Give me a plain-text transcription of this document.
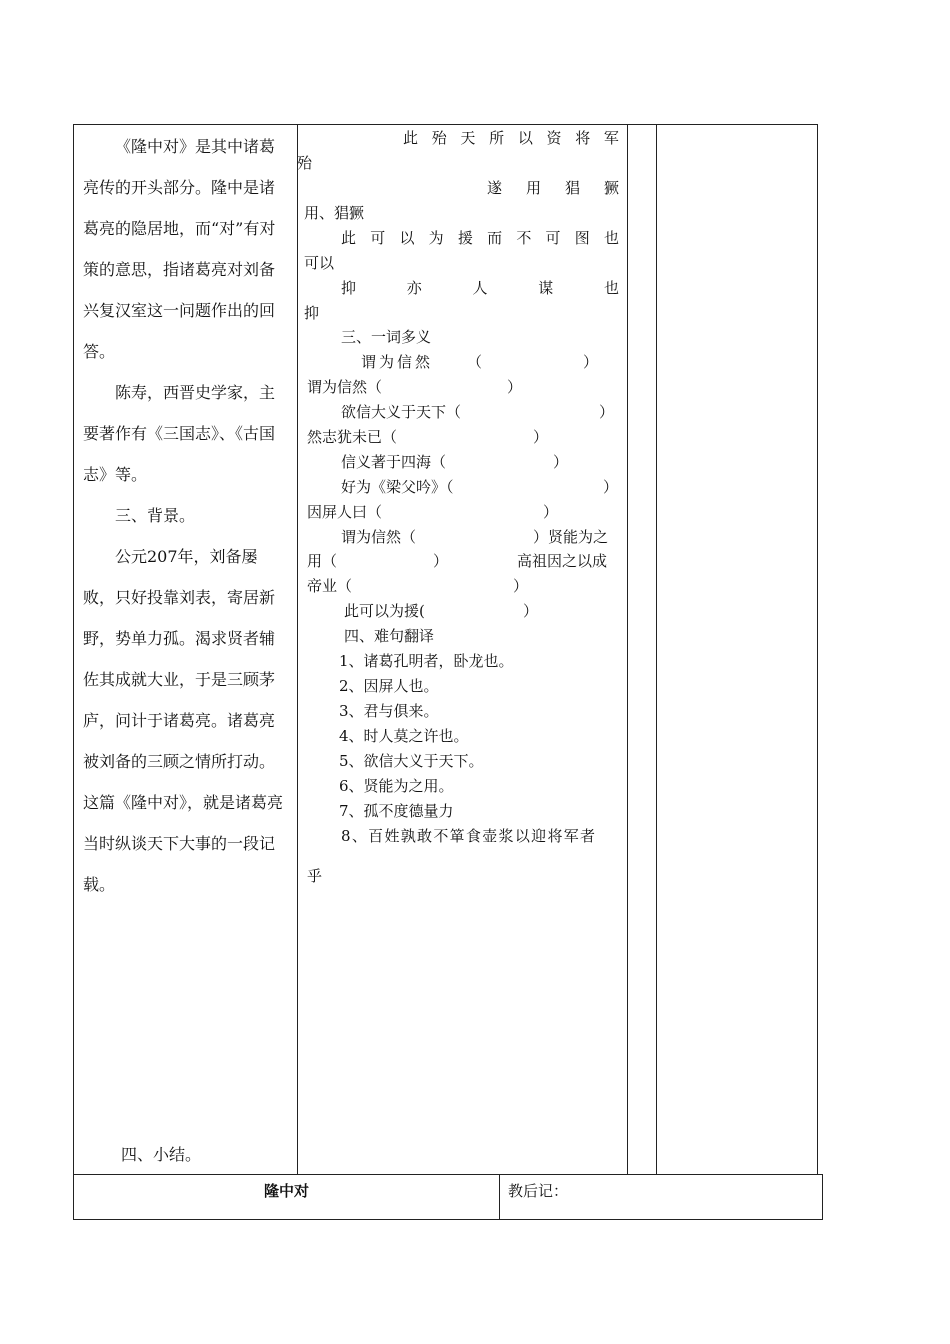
《隆中对》是其中诸葛亮传的开头部分。隆中是诸葛亮的隐居地，而“对”有对策的意思，指诸葛亮对刘备兴复汉室这一问题作出的回答。

陈寿，西晋史学家，主要著作有《三国志》、《古国志》等。

三、背景。

公元207年，刘备屡败，只好投靠刘表，寄居新野，势单力孤。渴求贤者辅佐其成就大业，于是三顾茅庐，问计于诸葛亮。诸葛亮被刘备的三顾之情所打动。这篇《隆中对》，就是诸葛亮当时纵谈天下大事的一段记载。

四、小结。
此 殆 天 所 以 资 将 军
殆
遂 用 猖 獗
用、猖獗
此 可 以 为 援 而 不 可 图 也
可以
抑	亦	人	谋	也
抑
三、一词多义
谓为信然 （	）
谓为信然（	）
欲信大义于天下（	）
然志犹未已（	）
信义著于四海（	）
好为《梁父吟》（	）
因屏人曰（	）
谓为信然（	）贤能为之
用（	）	高祖因之以成
帝业（	）
此可以为援(	）
四、难句翻译
1、诸葛孔明者，卧龙也。
2、因屏人也。
3、君与俱来。
4、时人莫之许也。
5、欲信大义于天下。
6、贤能为之用。
7、孤不度德量力
8、百姓孰敢不箪食壶浆以迎将军者
乎
隆中对	教后记：
